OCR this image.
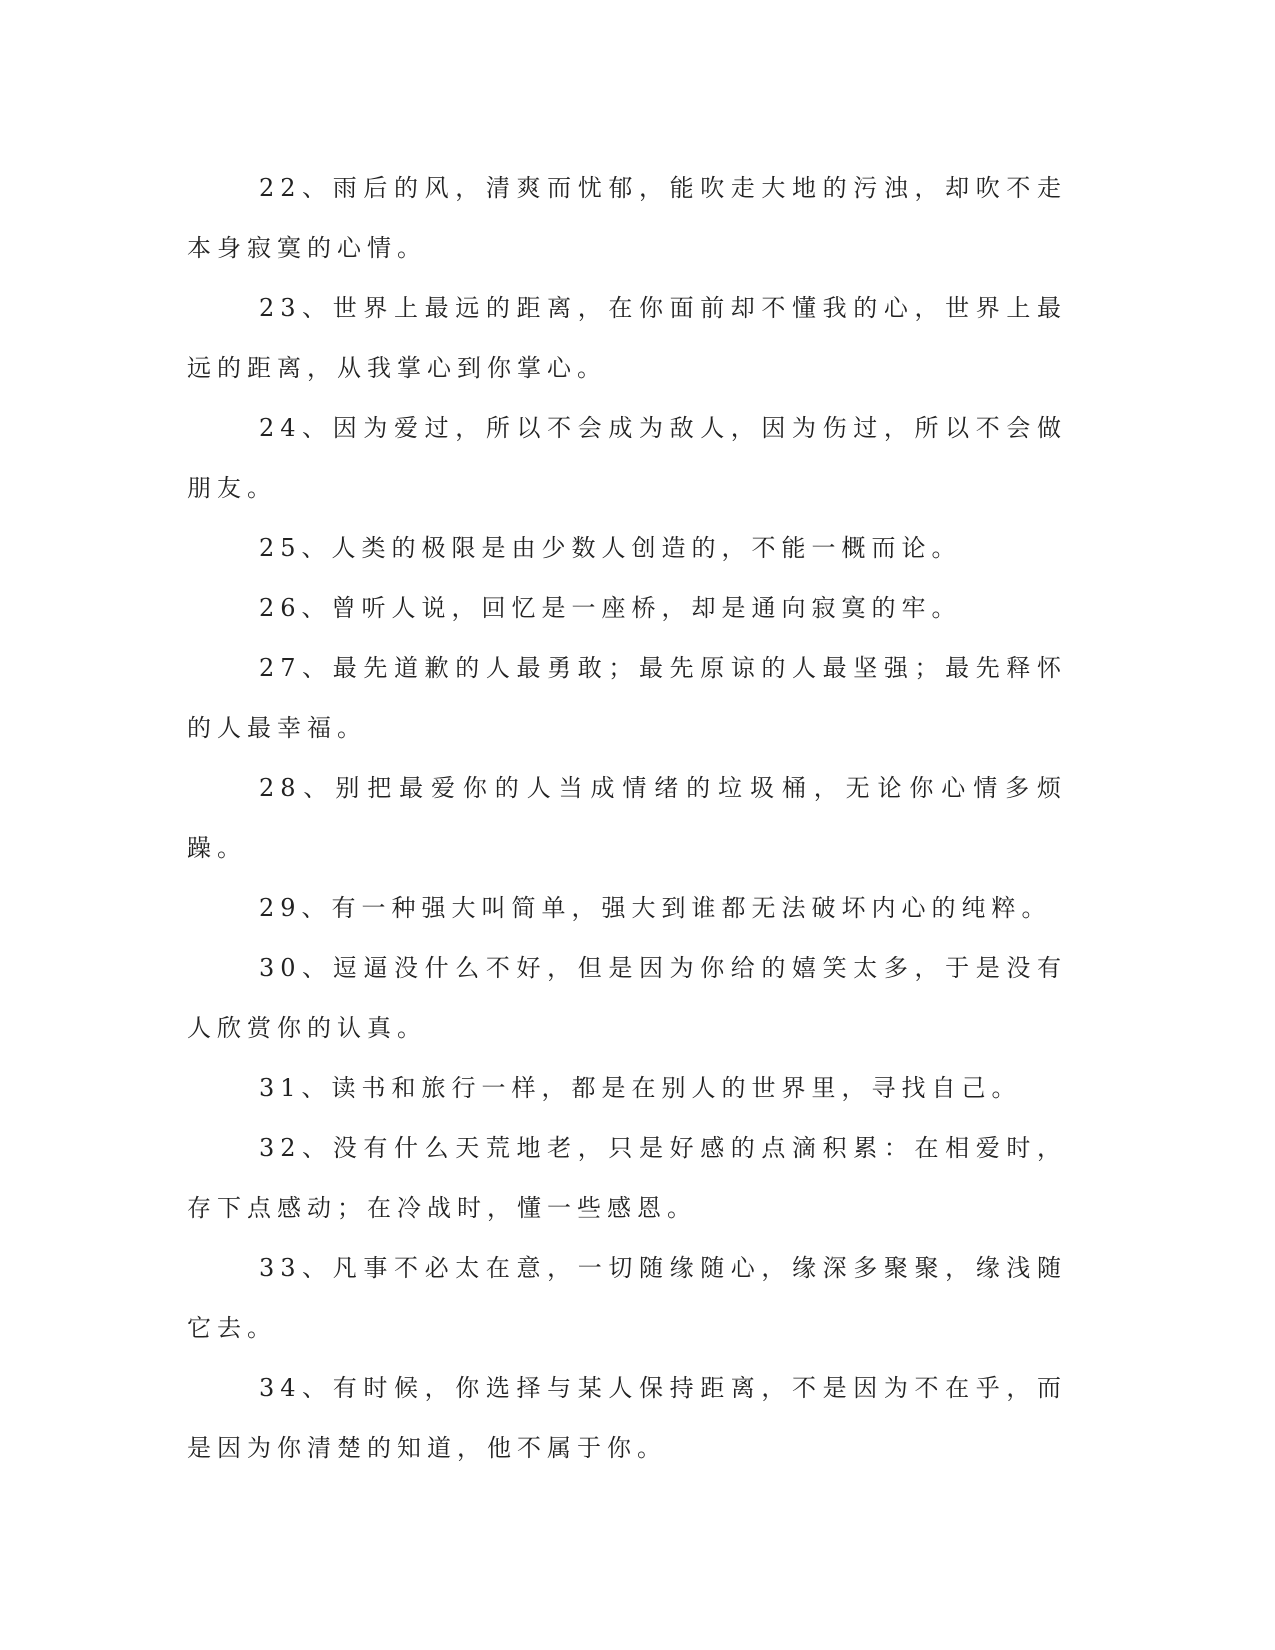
22、雨后的风，清爽而忧郁，能吹走大地的污浊，却吹不走本身寂寞的心情。

23、世界上最远的距离，在你面前却不懂我的心，世界上最远的距离，从我掌心到你掌心。

24、因为爱过，所以不会成为敌人，因为伤过，所以不会做朋友。

25、人类的极限是由少数人创造的，不能一概而论。

26、曾听人说，回忆是一座桥，却是通向寂寞的牢。

27、最先道歉的人最勇敢；最先原谅的人最坚强；最先释怀的人最幸福。

28、别把最爱你的人当成情绪的垃圾桶，无论你心情多烦躁。

29、有一种强大叫简单，强大到谁都无法破坏内心的纯粹。

30、逗逼没什么不好，但是因为你给的嬉笑太多，于是没有人欣赏你的认真。

31、读书和旅行一样，都是在别人的世界里，寻找自己。

32、没有什么天荒地老，只是好感的点滴积累：在相爱时，存下点感动；在冷战时，懂一些感恩。

33、凡事不必太在意，一切随缘随心，缘深多聚聚，缘浅随它去。

34、有时候，你选择与某人保持距离，不是因为不在乎，而是因为你清楚的知道，他不属于你。
